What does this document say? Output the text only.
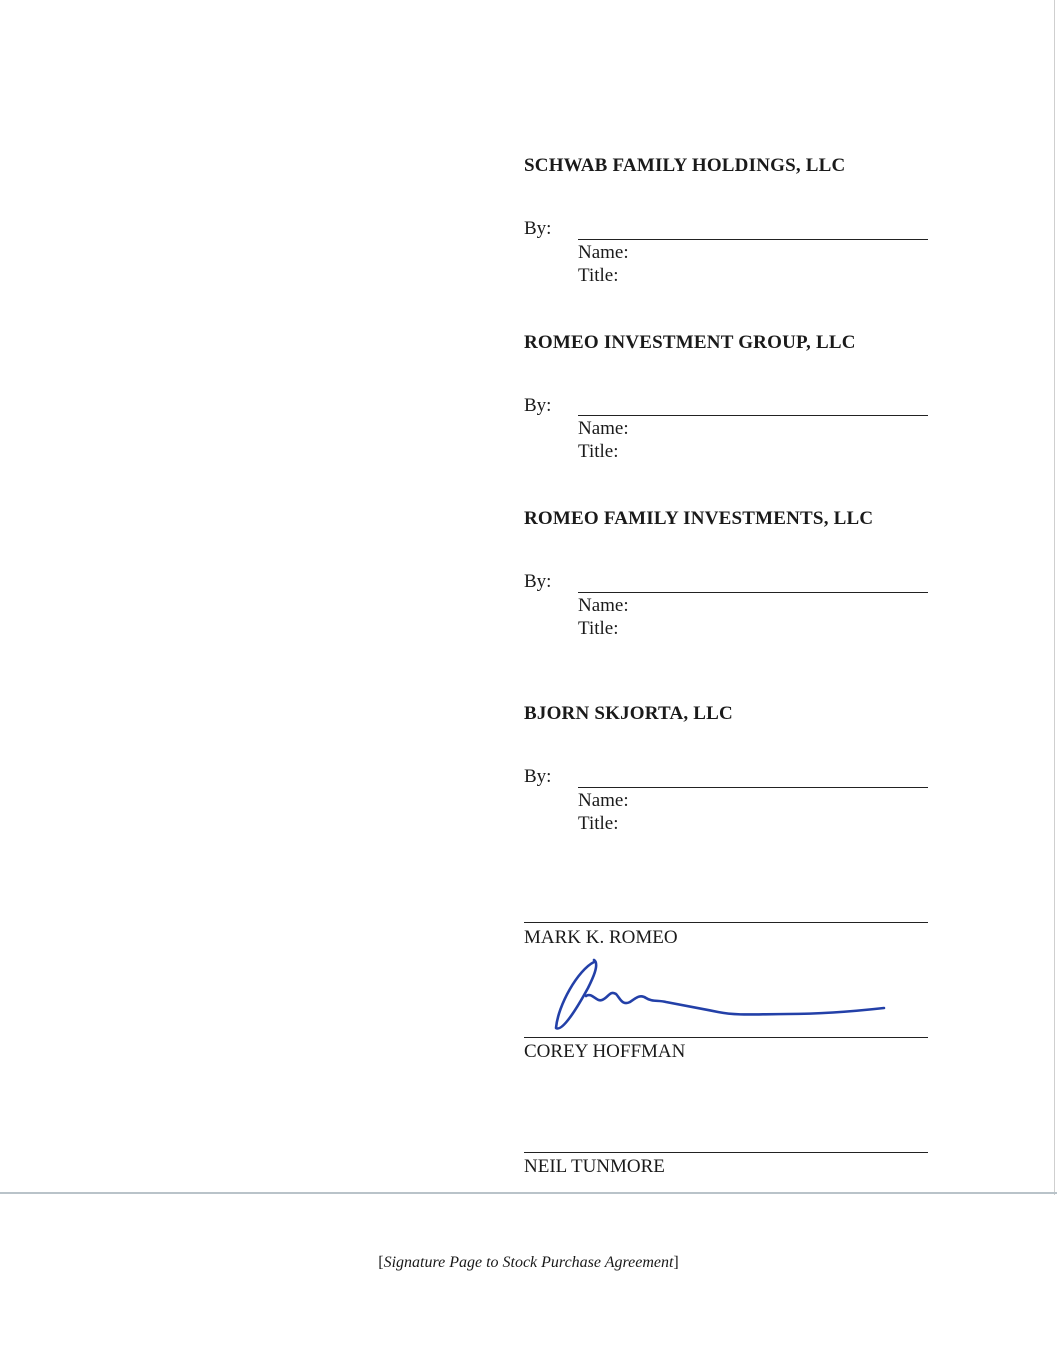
SCHWAB FAMILY HOLDINGS, LLC
By:
Name:
Title:
ROMEO INVESTMENT GROUP, LLC
By:
Name:
Title:
ROMEO FAMILY INVESTMENTS, LLC
By:
Name:
Title:
BJORN SKJORTA, LLC
By:
Name:
Title:
MARK K. ROMEO
COREY HOFFMAN
NEIL TUNMORE
[Signature Page to Stock Purchase Agreement]
